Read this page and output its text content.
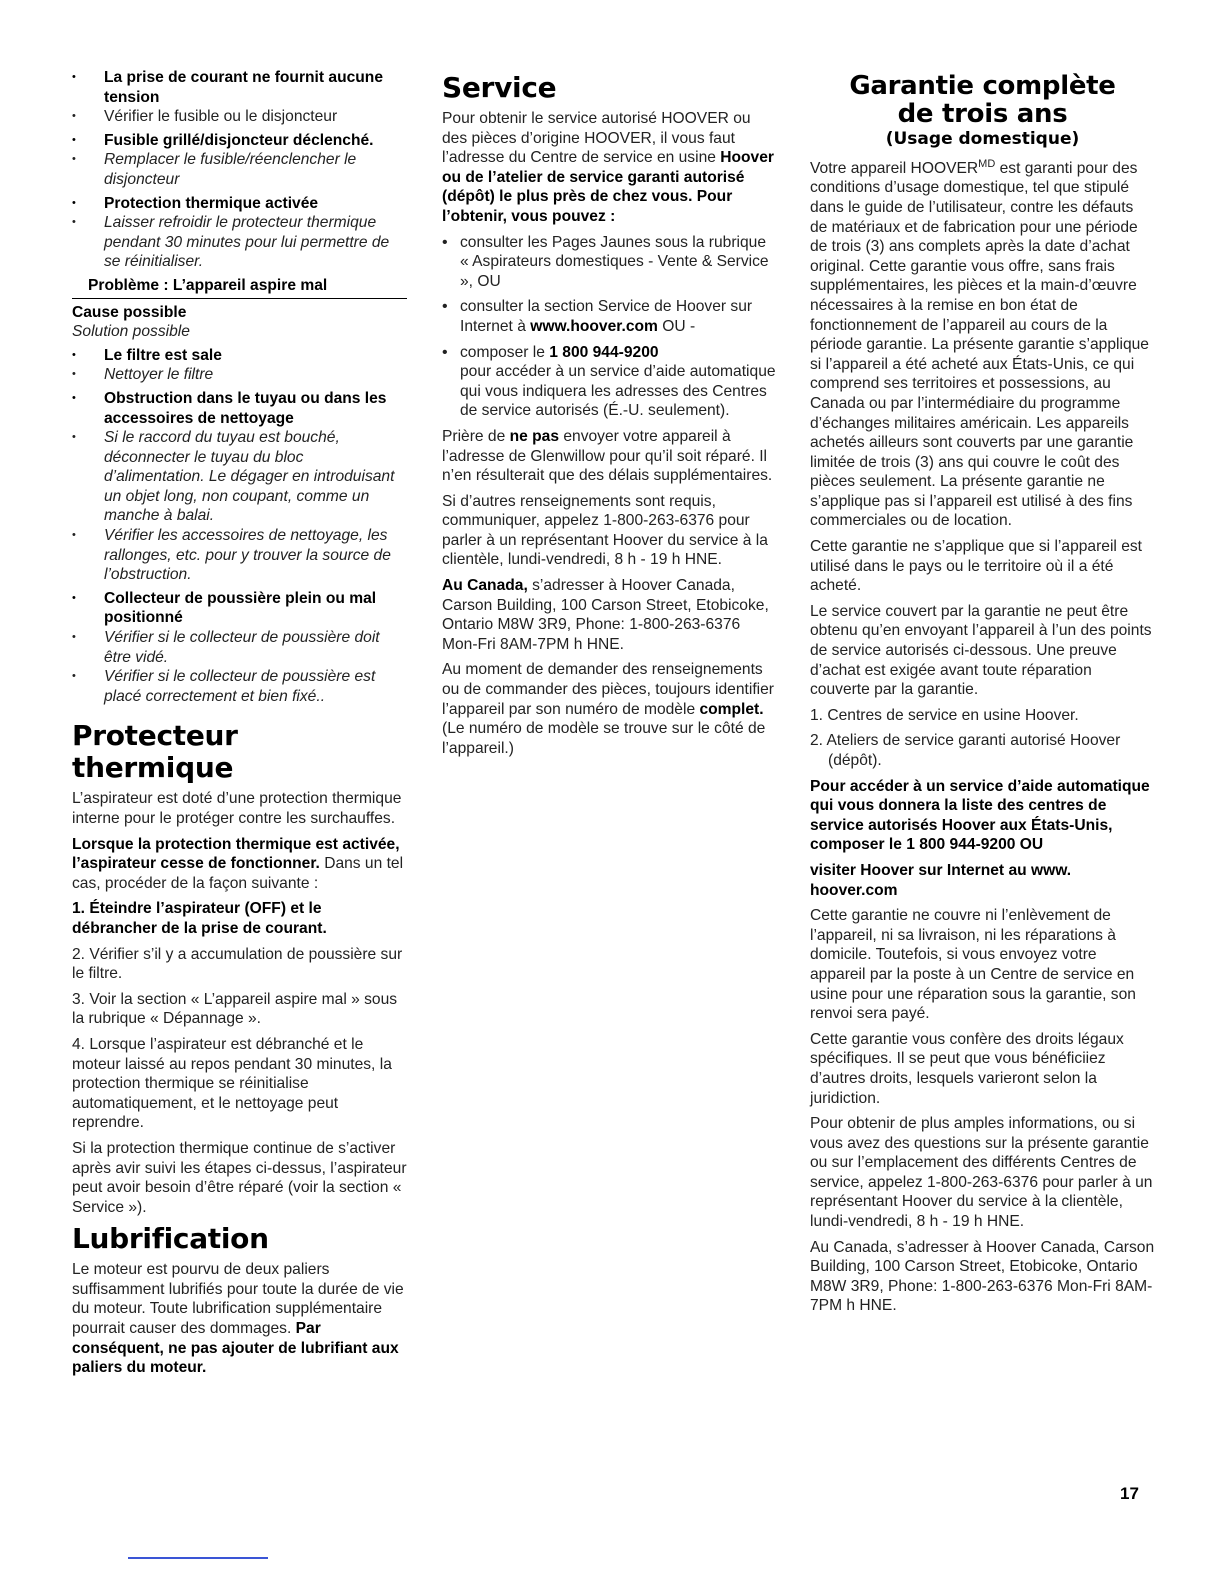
• La prise de courant ne fournit aucune tension
• Vérifier le fusible ou le disjoncteur
• Fusible grillé/disjoncteur déclenché.
• Remplacer le fusible/réenclencher le disjoncteur
• Protection thermique activée
• Laisser refroidir le protecteur thermique pendant 30 minutes pour lui permettre de se réinitialiser.
Problème : L’appareil aspire mal
Cause possible
Solution possible
• Le filtre est sale
• Nettoyer le filtre
• Obstruction dans le tuyau ou dans les accessoires de nettoyage
• Si le raccord du tuyau est bouché, déconnecter le tuyau du bloc d’alimentation. Le dégager en introduisant un objet long, non coupant, comme un manche à balai.
• Vérifier les accessoires de nettoyage, les rallonges, etc. pour y trouver la source de l’obstruction.
• Collecteur de poussière plein ou mal positionné
• Vérifier si le collecteur de poussière doit être vidé.
• Vérifier si le collecteur de poussière est placé correctement et bien fixé..
Protecteur thermique

L’aspirateur est doté d’une protection thermique interne pour le protéger contre les surchauffes.

Lorsque la protection thermique est activée, l’aspirateur cesse de fonctionner. Dans un tel cas, procéder de la façon suivante :

1. Éteindre l’aspirateur (OFF) et le débrancher de la prise de courant.

2. Vérifier s’il y a accumulation de poussière sur le filtre.

3. Voir la section « L’appareil aspire mal » sous la rubrique « Dépannage ».

4. Lorsque l’aspirateur est débranché et le moteur laissé au repos pendant 30 minutes, la protection thermique se réinitialise automatiquement, et le nettoyage peut reprendre.

Si la protection thermique continue de s’activer après avir suivi les étapes ci-dessus, l’aspirateur peut avoir besoin d’être réparé (voir la section « Service »).

Lubrification

Le moteur est pourvu de deux paliers suffisamment lubrifiés pour toute la durée de vie du moteur. Toute lubrification supplémentaire pourrait causer des dommages. Par conséquent, ne pas ajouter de lubrifiant aux paliers du moteur.

Service

Pour obtenir le service autorisé HOOVER ou des pièces d’origine HOOVER, il vous faut l’adresse du Centre de service en usine Hoover ou de l’atelier de service garanti autorisé (dépôt) le plus près de chez vous. Pour l’obtenir, vous pouvez :

• consulter les Pages Jaunes sous la rubrique « Aspirateurs domestiques - Vente & Service », OU
• consulter la section Service de Hoover sur Internet à www.hoover.com OU -
• composer le 1 800 944-9200
pour accéder à un service d’aide automatique qui vous indiquera les adresses des Centres de service autorisés (É.-U. seulement).

Prière de ne pas envoyer votre appareil à l’adresse de Glenwillow pour qu’il soit réparé. Il n’en résulterait que des délais supplémentaires.

Si d’autres renseignements sont requis, communiquer, appelez 1-800-263-6376 pour parler à un représentant Hoover du service à la clientèle, lundi-vendredi, 8 h - 19 h HNE.

Au Canada, s’adresser à Hoover Canada, Carson Building, 100 Carson Street, Etobicoke, Ontario M8W 3R9, Phone: 1-800-263-6376 Mon-Fri 8AM-7PM h HNE.

Au moment de demander des renseignements ou de commander des pièces, toujours identifier l’appareil par son numéro de modèle complet. (Le numéro de modèle se trouve sur le côté de l’appareil.)

Garantie complète
de trois ans
(Usage domestique)

Votre appareil $HOOVER^{MD}$ est garanti pour des conditions d’usage domestique, tel que stipulé dans le guide de l’utilisateur, contre les défauts de matériaux et de fabrication pour une période de trois (3) ans complets après la date d’achat original. Cette garantie vous offre, sans frais supplémentaires, les pièces et la main-d’œuvre nécessaires à la remise en bon état de fonctionnement de l’appareil au cours de la période garantie. La présente garantie s’applique si l’appareil a été acheté aux États-Unis, ce qui comprend ses territoires et possessions, au Canada ou par l’intermédiaire du programme d’échanges militaires américain. Les appareils achetés ailleurs sont couverts par une garantie limitée de trois (3) ans qui couvre le coût des pièces seulement. La présente garantie ne s’applique pas si l’appareil est utilisé à des fins commerciales ou de location.

Cette garantie ne s’applique que si l’appareil est utilisé dans le pays ou le territoire où il a été acheté.

Le service couvert par la garantie ne peut être obtenu qu’en envoyant l’appareil à l’un des points de service autorisés ci-dessous. Une preuve d’achat est exigée avant toute réparation couverte par la garantie.

1. Centres de service en usine Hoover.

2. Ateliers de service garanti autorisé Hoover (dépôt).

Pour accéder à un service d’aide automatique qui vous donnera la liste des centres de service autorisés Hoover aux États-Unis, composer le 1 800 944-9200 OU

visiter Hoover sur Internet au www. hoover.com

Cette garantie ne couvre ni l’enlèvement de l’appareil, ni sa livraison, ni les réparations à domicile. Toutefois, si vous envoyez votre appareil par la poste à un Centre de service en usine pour une réparation sous la garantie, son renvoi sera payé.

Cette garantie vous confère des droits légaux spécifiques. Il se peut que vous bénéficiiez d’autres droits, lesquels varieront selon la juridiction.

Pour obtenir de plus amples informations, ou si vous avez des questions sur la présente garantie ou sur l’emplacement des différents Centres de service, appelez 1-800-263-6376 pour parler à un représentant Hoover du service à la clientèle, lundi-vendredi, 8 h - 19 h HNE.

Au Canada, s’adresser à Hoover Canada, Carson Building, 100 Carson Street, Etobicoke, Ontario M8W 3R9, Phone: 1-800-263-6376 Mon-Fri 8AM-7PM h HNE.

17
